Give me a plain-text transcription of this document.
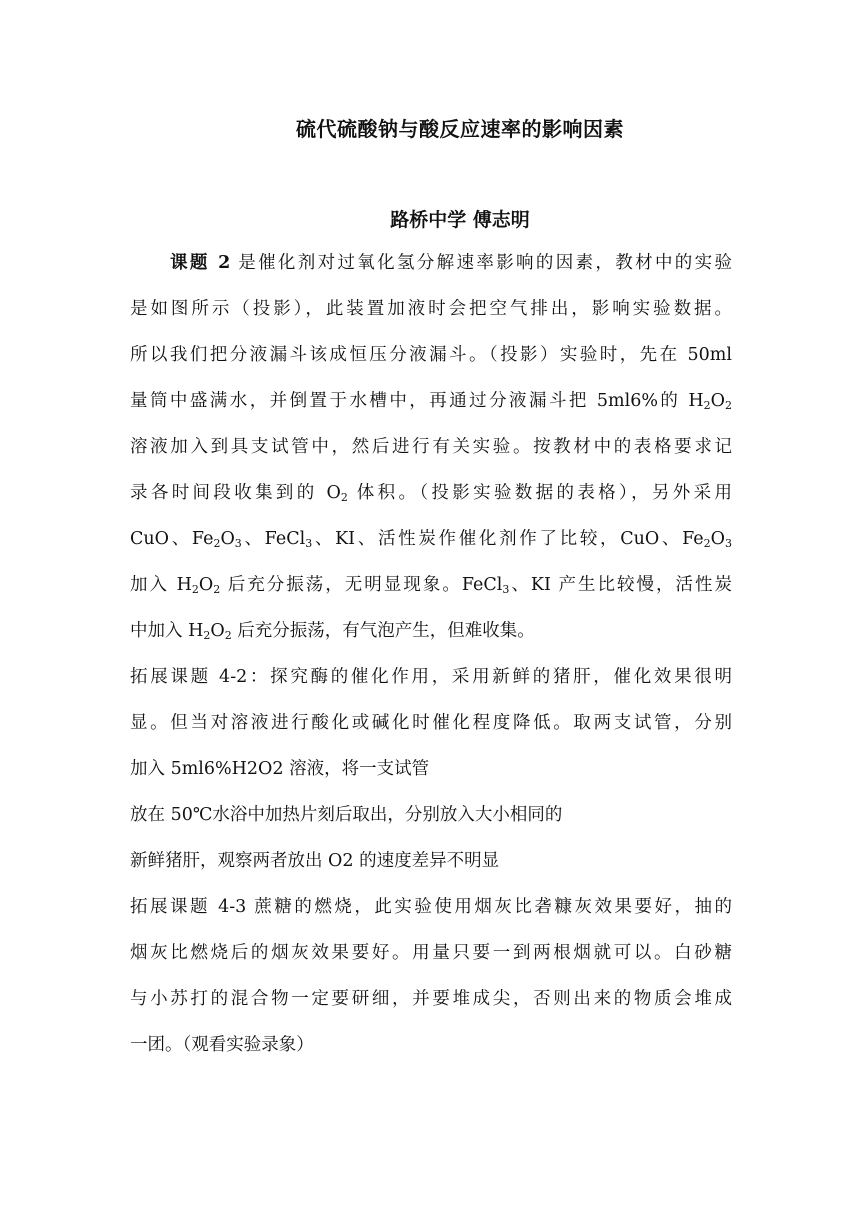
硫代硫酸钠与酸反应速率的影响因素
路桥中学 傅志明
课题 2 是催化剂对过氧化氢分解速率影响的因素，教材中的实验
是如图所示（投影），此装置加液时会把空气排出，影响实验数据。
所以我们把分液漏斗该成恒压分液漏斗。（投影）实验时，先在 50ml
量筒中盛满水，并倒置于水槽中，再通过分液漏斗把 5ml6%的 $H_2O_2$
溶液加入到具支试管中，然后进行有关实验。按教材中的表格要求记
录各时间段收集到的 $O_2$ 体积。（投影实验数据的表格），另外采用
CuO、$Fe_2O_3$、FeCl$_3$、KI、活性炭作催化剂作了比较，CuO、$Fe_2O_3$
加入 $H_2O_2$ 后充分振荡，无明显现象。FeCl$_3$、KI 产生比较慢，活性炭
中加入 $H_2O_2$ 后充分振荡，有气泡产生，但难收集。
拓展课题 4-2：探究酶的催化作用，采用新鲜的猪肝，催化效果很明
显。但当对溶液进行酸化或碱化时催化程度降低。取两支试管，分别
加入 5ml6%H2O2 溶液，将一支试管
放在 50℃水浴中加热片刻后取出，分别放入大小相同的
新鲜猪肝，观察两者放出 O2 的速度差异不明显
拓展课题 4-3 蔗糖的燃烧，此实验使用烟灰比砻糠灰效果要好，抽的
烟灰比燃烧后的烟灰效果要好。用量只要一到两根烟就可以。白砂糖
与小苏打的混合物一定要研细，并要堆成尖，否则出来的物质会堆成
一团。（观看实验录象）
